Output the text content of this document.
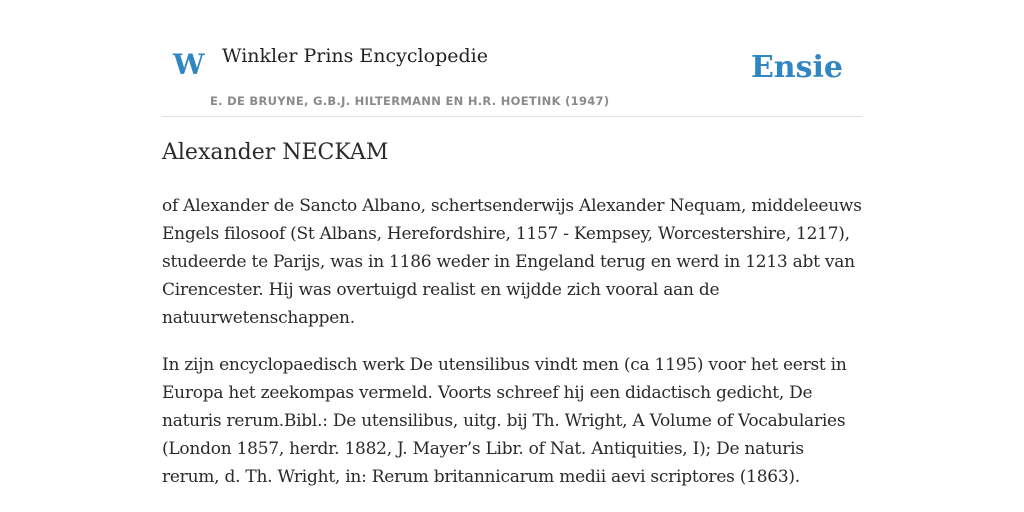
W Winkler Prins Encyclopedie
E. DE BRUYNE, G.B.J. HILTERMANN EN H.R. HOETINK (1947)
Ensie
Alexander NECKAM

of Alexander de Sancto Albano, schertsenderwijs Alexander Nequam, middeleeuws Engels filosoof (St Albans, Herefordshire, 1157 - Kempsey, Worcestershire, 1217), studeerde te Parijs, was in 1186 weder in Engeland terug en werd in 1213 abt van Cirencester. Hij was overtuigd realist en wijdde zich vooral aan de natuurwetenschappen.

In zijn encyclopaedisch werk De utensilibus vindt men (ca 1195) voor het eerst in Europa het zeekompas vermeld. Voorts schreef hij een didactisch gedicht, De naturis rerum.Bibl.: De utensilibus, uitg. bij Th. Wright, A Volume of Vocabularies (London 1857, herdr. 1882, J. Mayer’s Libr. of Nat. Antiquities, I); De naturis rerum, d. Th. Wright, in: Rerum britannicarum medii aevi scriptores (1863).
